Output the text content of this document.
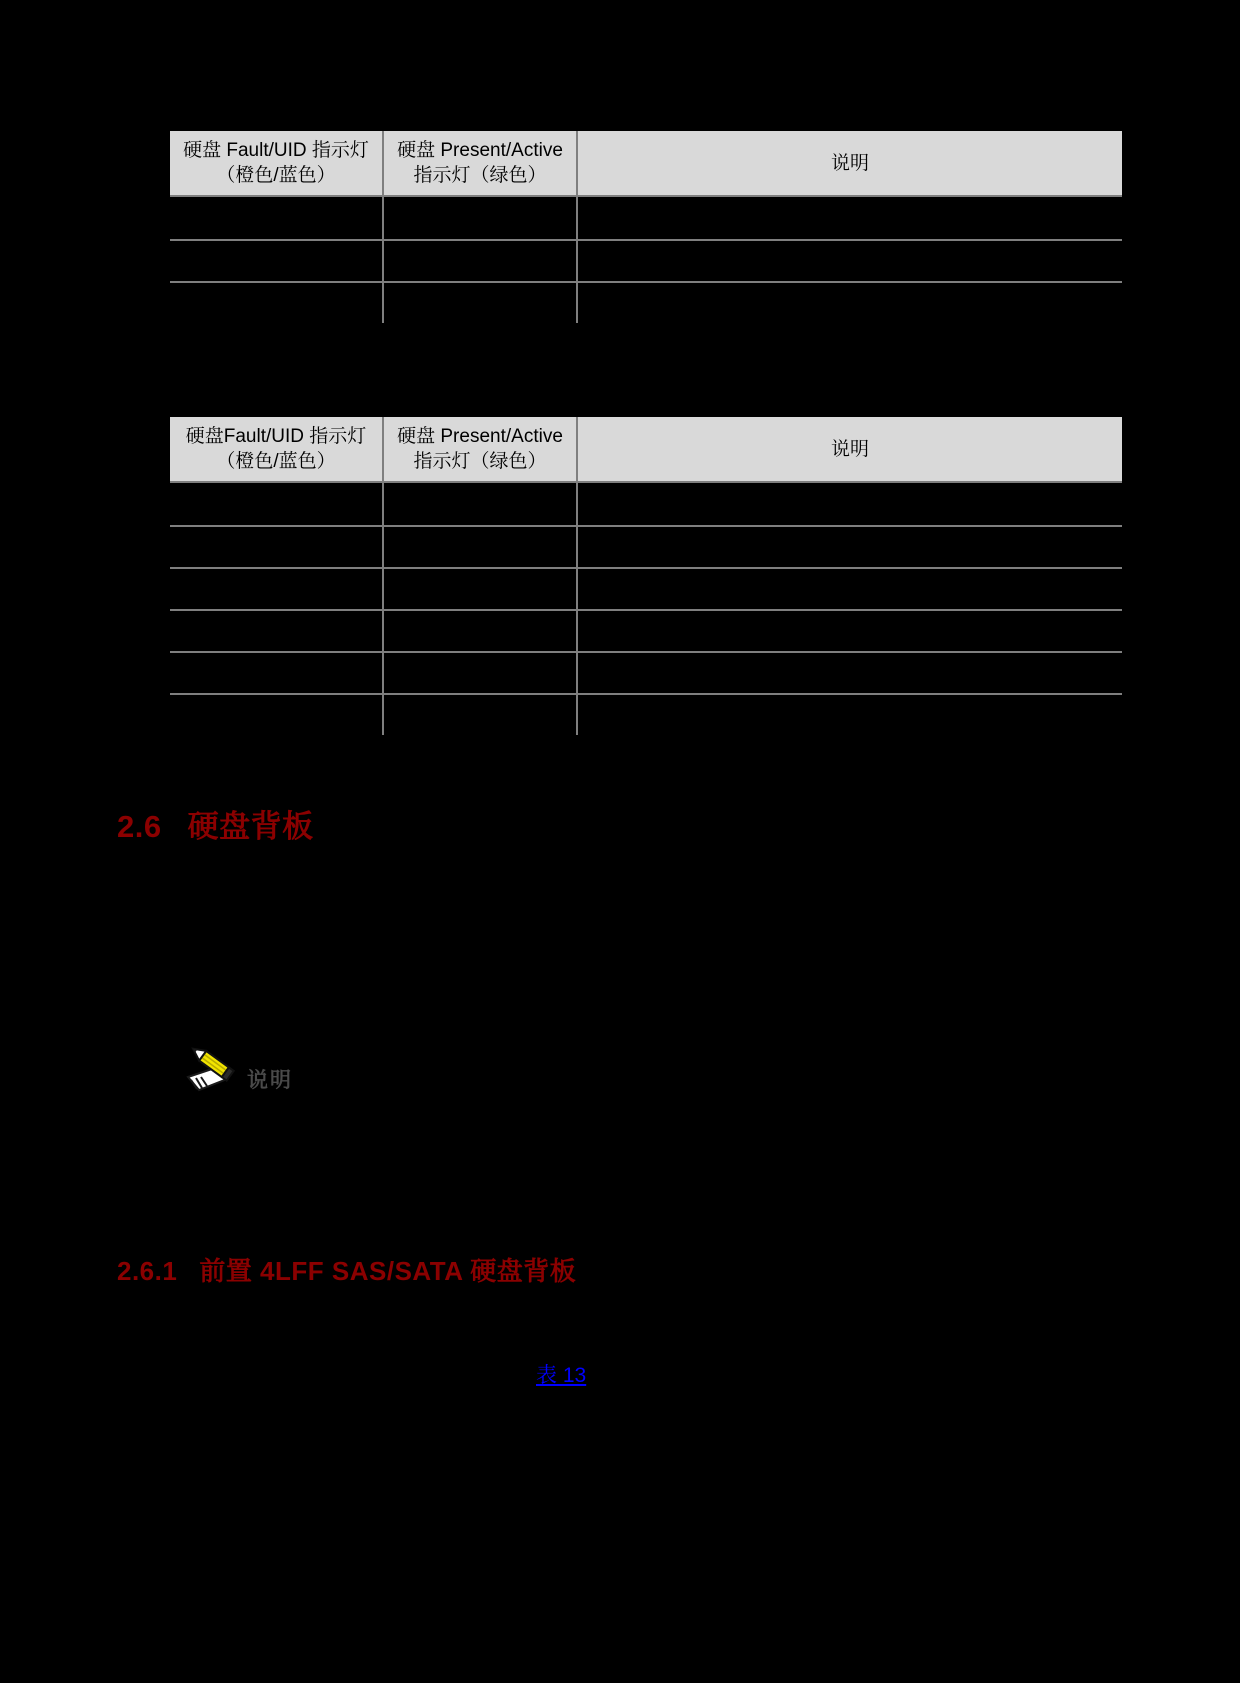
硬盘 Fault/UID 指示灯
（橙色/蓝色）
硬盘 Present/Active
指示灯（绿色）
说明
硬盘Fault/UID 指示灯
（橙色/蓝色）
硬盘 Present/Active
指示灯（绿色）
说明
2.6 硬盘背板
说明
2.6.1 前置 4LFF SAS/SATA 硬盘背板
表 13
